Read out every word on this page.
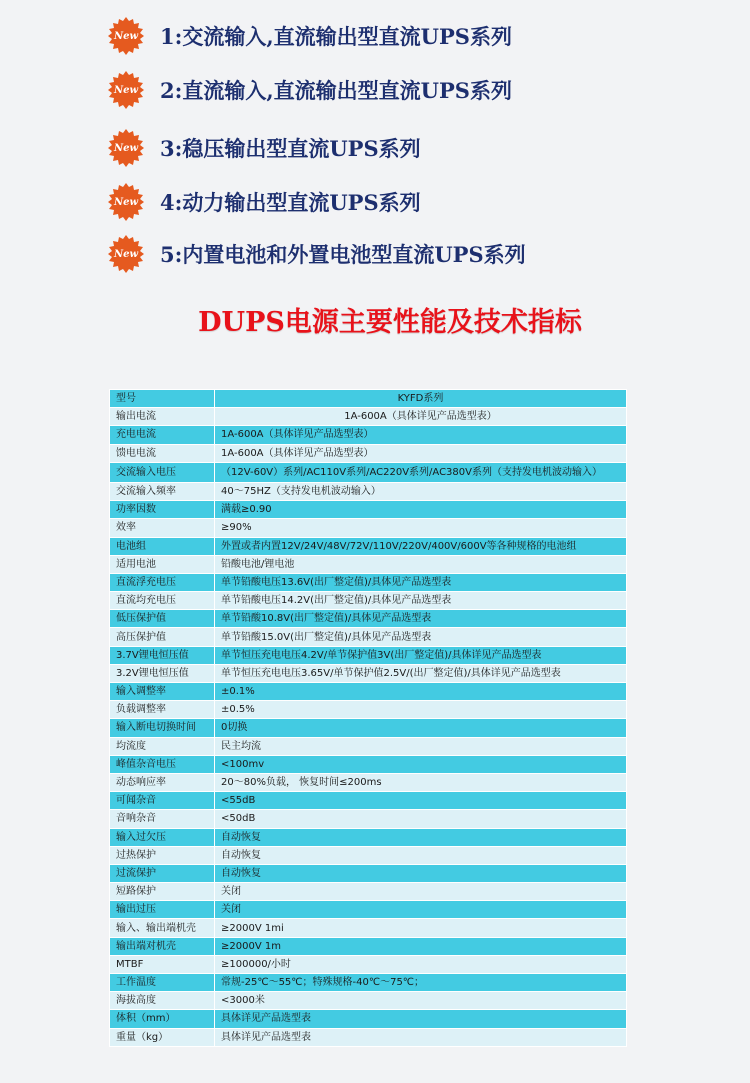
New	1:交流输入,直流输出型直流UPS系列
New	2:直流输入,直流输出型直流UPS系列
New	3:稳压输出型直流UPS系列
New	4:动力输出型直流UPS系列
New	5:内置电池和外置电池型直流UPS系列
DUPS电源主要性能及技术指标
型号	KYFD系列
输出电流	1A-600A（具体详见产品选型表）
充电电流	1A-600A（具体详见产品选型表）
馈电电流	1A-600A（具体详见产品选型表）
交流输入电压	（12V-60V）系列/AC110V系列/AC220V系列/AC380V系列（支持发电机波动输入）
交流输入频率	40～75HZ（支持发电机波动输入）
功率因数	满载≥0.90
效率	≥90%
电池组	外置或者内置12V/24V/48V/72V/110V/220V/400V/600V等各种规格的电池组
适用电池	铅酸电池/锂电池
直流浮充电压	单节铅酸电压13.6V(出厂整定值)/具体见产品选型表
直流均充电压	单节铅酸电压14.2V(出厂整定值)/具体见产品选型表
低压保护值	单节铅酸10.8V(出厂整定值)/具体见产品选型表
高压保护值	单节铅酸15.0V(出厂整定值)/具体见产品选型表
3.7V锂电恒压值	单节恒压充电电压4.2V/单节保护值3V(出厂整定值)/具体详见产品选型表
3.2V锂电恒压值	单节恒压充电电压3.65V/单节保护值2.5V/(出厂整定值)/具体详见产品选型表
输入调整率	±0.1%
负载调整率	±0.5%
输入断电切换时间	0切换
均流度	民主均流
峰值杂音电压	<100mv
动态响应率	20～80%负载， 恢复时间≤200ms
可闻杂音	<55dB
音响杂音	<50dB
输入过欠压	自动恢复
过热保护	自动恢复
过流保护	自动恢复
短路保护	关闭
输出过压	关闭
输入、输出端机壳	≥2000V 1mi
输出端对机壳	≥2000V 1m
MTBF	≥100000/小时
工作温度	常规-25℃～55℃；特殊规格-40℃～75℃；
海拔高度	<3000米
体积（mm）	具体详见产品选型表
重量（kg）	具体详见产品选型表
